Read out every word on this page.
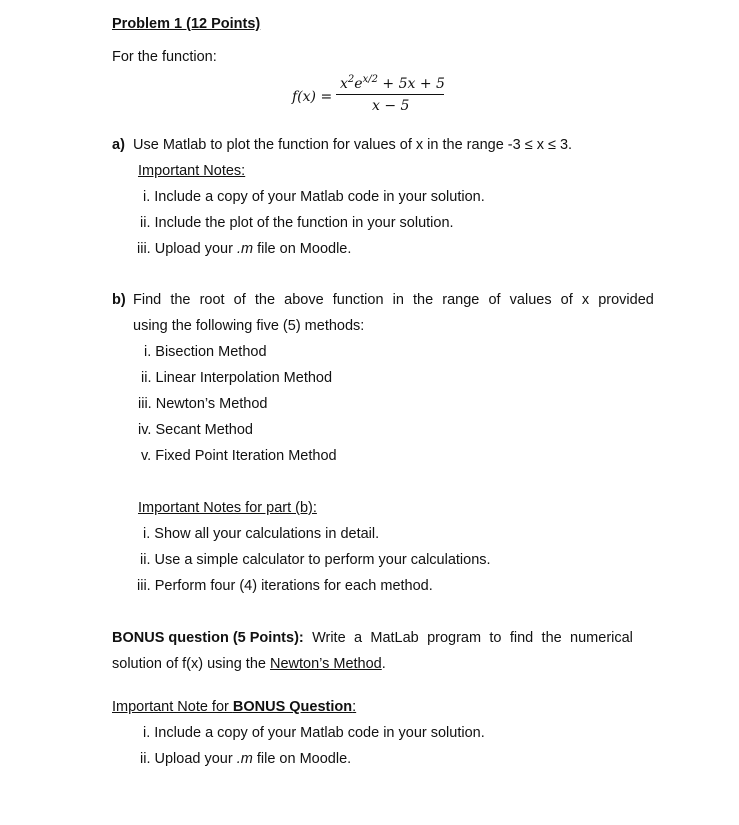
Problem 1 (12 Points)
For the function:
f(x) =
$x^2e^{x/2} + 5x + 5$
x − 5
a) Use Matlab to plot the function for values of x in the range -3 ≤ x ≤ 3.
Important Notes:
i. Include a copy of your Matlab code in your solution.
ii. Include the plot of the function in your solution.
iii. Upload your .m file on Moodle.
b) Find the root of the above function in the range of values of x provided
using the following five (5) methods:
i. Bisection Method
ii. Linear Interpolation Method
iii. Newton’s Method
iv. Secant Method
v. Fixed Point Iteration Method
Important Notes for part (b):
i. Show all your calculations in detail.
ii. Use a simple calculator to perform your calculations.
iii. Perform four (4) iterations for each method.
BONUS question (5 Points): Write a MatLab program to find the numerical
solution of f(x) using the Newton’s Method.
Important Note for BONUS Question:
i. Include a copy of your Matlab code in your solution.
ii. Upload your .m file on Moodle.
